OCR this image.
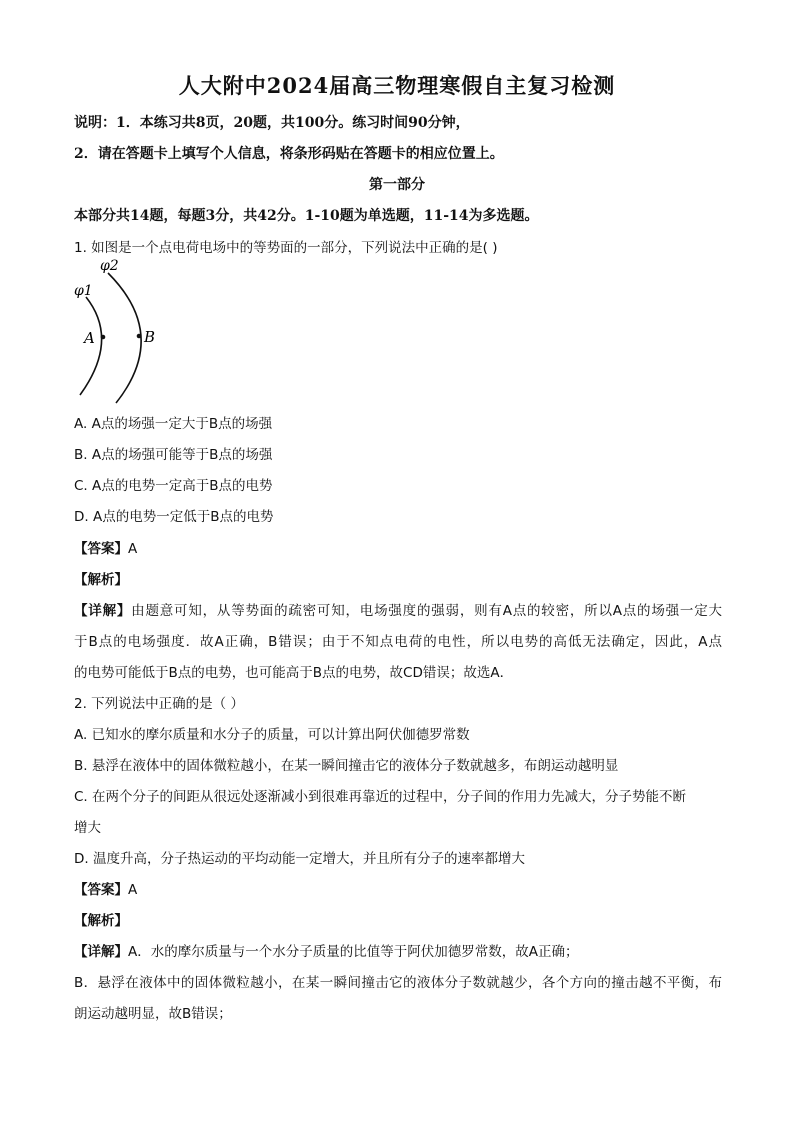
人大附中2024届高三物理寒假自主复习检测
说明：1．本练习共8页，20题，共100分。练习时间90分钟，
2．请在答题卡上填写个人信息，将条形码贴在答题卡的相应位置上。
第一部分
本部分共14题，每题3分，共42分。1-10题为单选题，11-14为多选题。
1. 如图是一个点电荷电场中的等势面的一部分，下列说法中正确的是( )
φ1
φ2
A	B
A. A点的场强一定大于B点的场强
B. A点的场强可能等于B点的场强
C. A点的电势一定高于B点的电势
D. A点的电势一定低于B点的电势
【答案】A
【解析】
【详解】由题意可知，从等势面的疏密可知，电场强度的强弱，则有A点的较密，所以A点的场强一定大
于B点的电场强度．故A正确，B错误；由于不知点电荷的电性，所以电势的高低无法确定，因此，A点
的电势可能低于B点的电势，也可能高于B点的电势，故CD错误；故选A．
2. 下列说法中正确的是（ ）
A. 已知水的摩尔质量和水分子的质量，可以计算出阿伏伽德罗常数
B. 悬浮在液体中的固体微粒越小，在某一瞬间撞击它的液体分子数就越多，布朗运动越明显
C. 在两个分子的间距从很远处逐渐减小到很难再靠近的过程中，分子间的作用力先减大，分子势能不断
增大
D. 温度升高，分子热运动的平均动能一定增大，并且所有分子的速率都增大
【答案】A
【解析】
【详解】A．水的摩尔质量与一个水分子质量的比值等于阿伏加德罗常数，故A正确；
B．悬浮在液体中的固体微粒越小，在某一瞬间撞击它的液体分子数就越少，各个方向的撞击越不平衡，布
朗运动越明显，故B错误；
